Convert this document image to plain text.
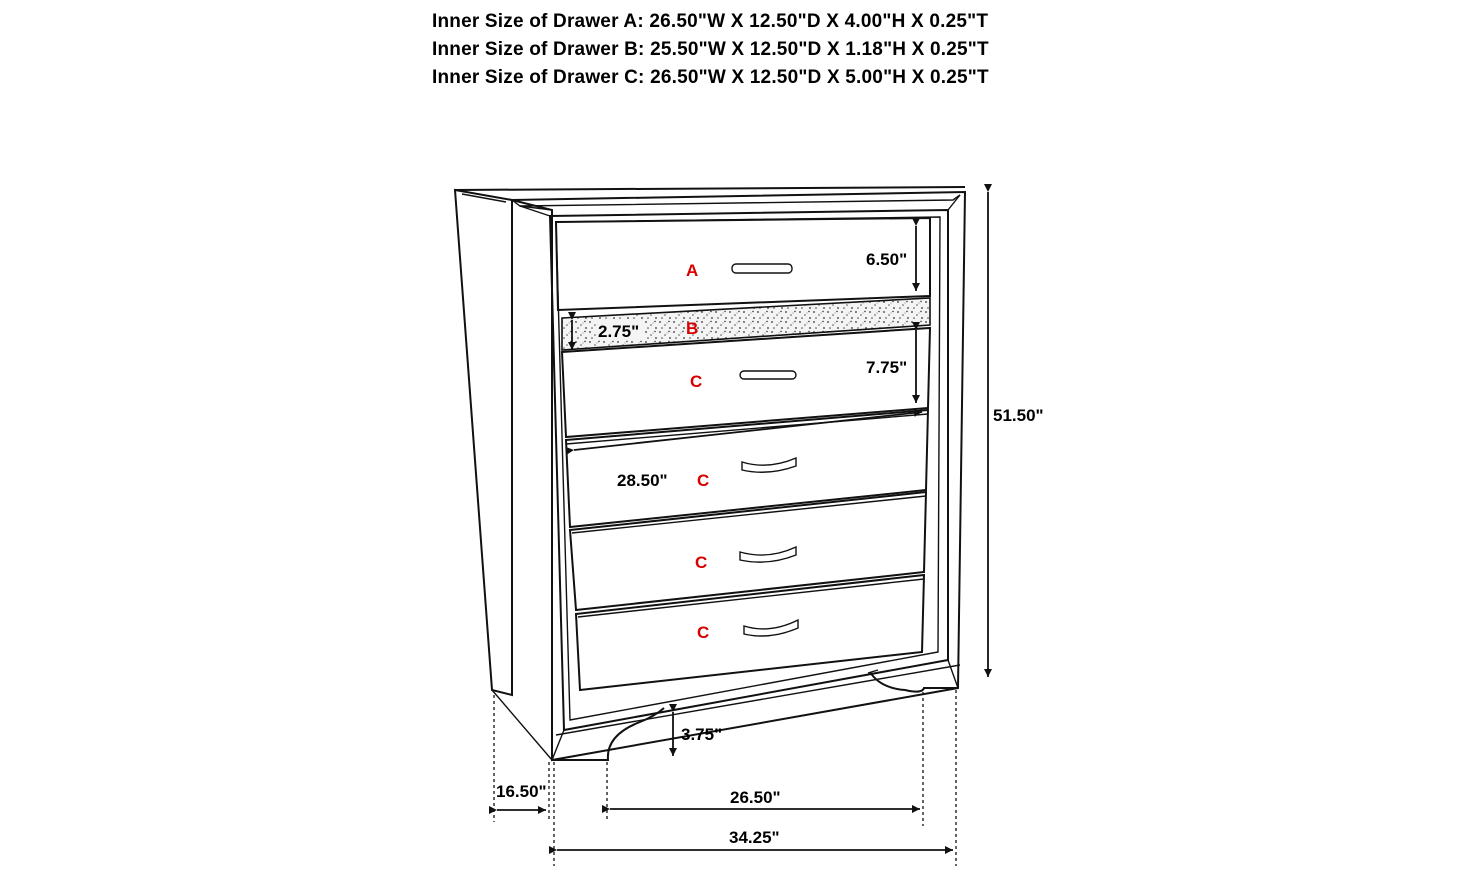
Inner Size of Drawer A: 26.50"W X 12.50"D X 4.00"H X 0.25"T
Inner Size of Drawer B: 25.50"W X 12.50"D X 1.18"H X 0.25"T
Inner Size of Drawer C: 26.50"W X 12.50"D X 5.00"H X 0.25"T
A
B
C
C
C
C
6.50"
2.75"
7.75"
28.50"
51.50"
3.75"
16.50"	26.50"
34.25"
